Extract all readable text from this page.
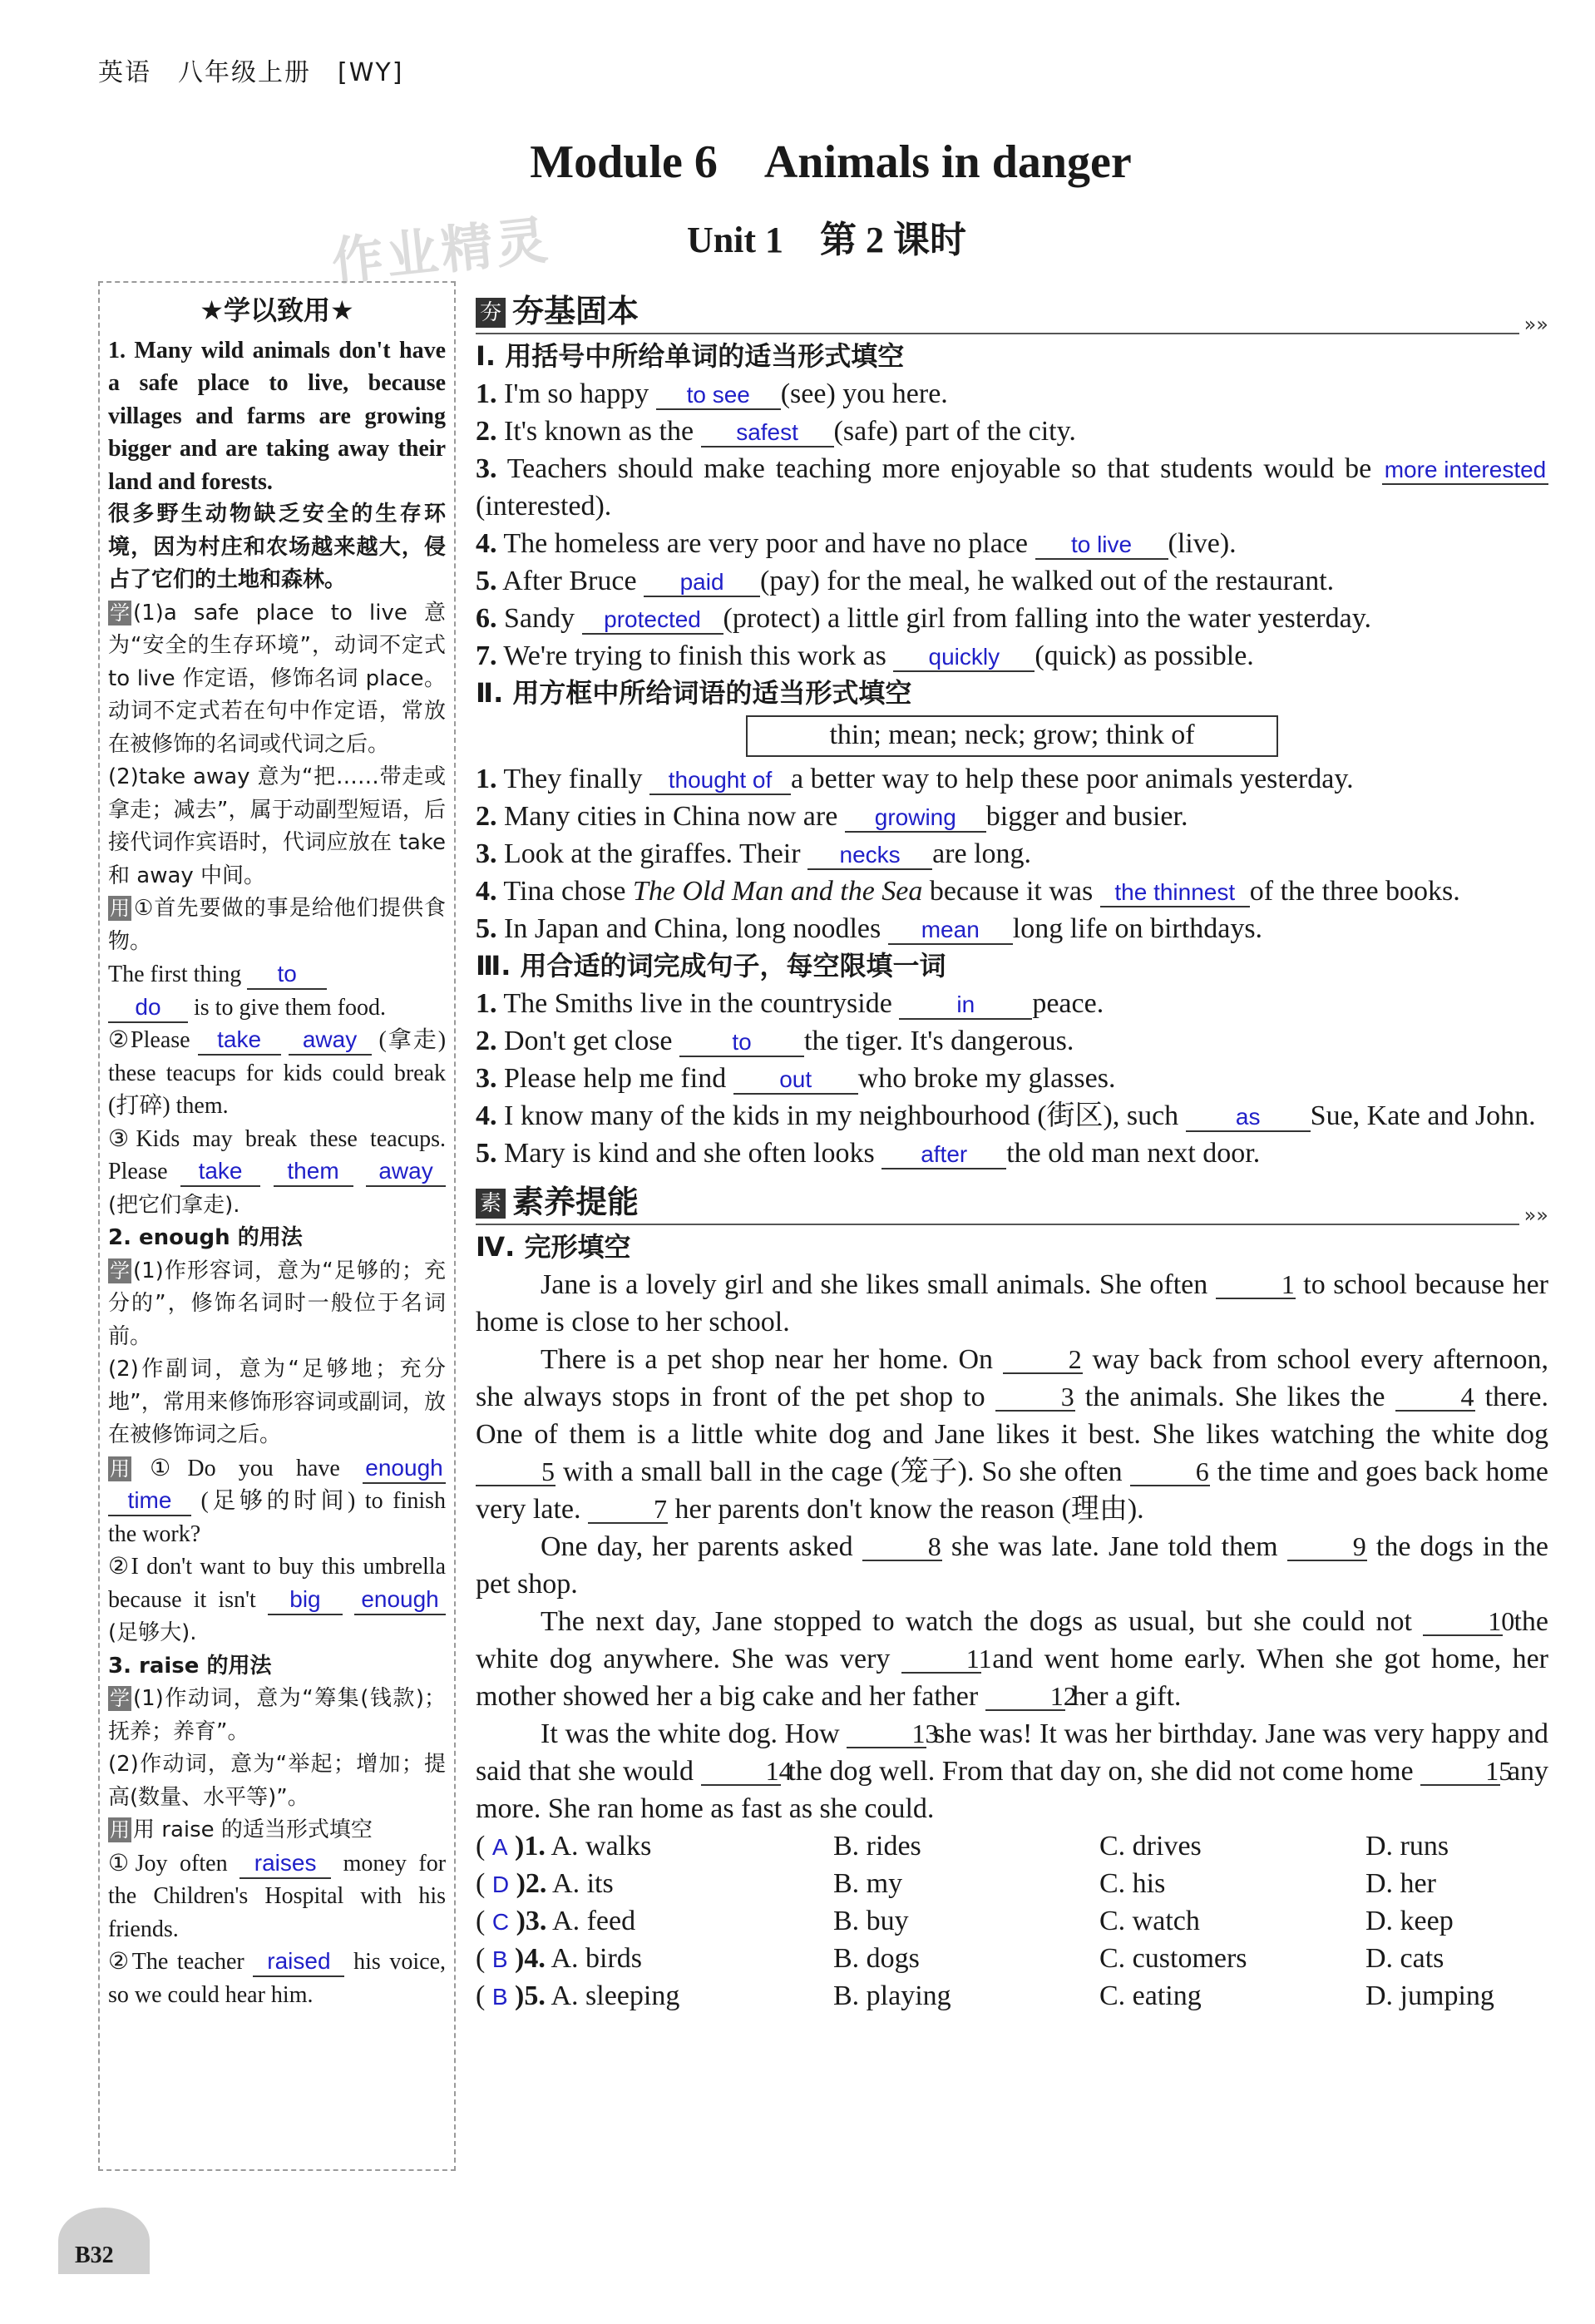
英语　八年级上册　[WY]
Module 6　Animals in danger
作业精灵	Unit 1　第 2 课时
★学以致用★
1. Many wild animals don't have a safe place to live, because villages and farms are growing bigger and are taking away their land and forests.
很多野生动物缺乏安全的生存环境，因为村庄和农场越来越大，侵占了它们的土地和森林。
学 (1)a safe place to live 意为“安全的生存环境”，动词不定式 to live 作定语，修饰名词 place。动词不定式若在句中作定语，常放在被修饰的名词或代词之后。
(2)take away 意为“把……带走或拿走；减去”，属于动副型短语，后接代词作宾语时，代词应放在 take 和 away 中间。
用 ①首先要做的事是给他们提供食物。
The first thing to
do is to give them food.
②Please take away (拿走) these teacups for kids could break (打碎) them.
③Kids may break these teacups. Please take them away (把它们拿走).
2. enough 的用法
学 (1)作形容词，意为“足够的；充分的”，修饰名词时一般位于名词前。
(2)作副词，意为“足够地；充分地”，常用来修饰形容词或副词，放在被修饰词之后。
用 ①Do you have enough time (足够的时间) to finish the work?
②I don't want to buy this umbrella because it isn't big enough (足够大).
3. raise 的用法
学 (1)作动词，意为“筹集(钱款)；抚养；养育”。
(2)作动词，意为“举起；增加；提高(数量、水平等)”。
用 用 raise 的适当形式填空
①Joy often raises money for the Children's Hospital with his friends.
②The teacher raised his voice, so we could hear him.
夯 夯基固本	»»
Ⅰ. 用括号中所给单词的适当形式填空
1. I'm so happy to see (see) you here.
2. It's known as the safest (safe) part of the city.
3. Teachers should make teaching more enjoyable so that students would be more interested(interested).
4. The homeless are very poor and have no place to live (live).
5. After Bruce paid (pay) for the meal, he walked out of the restaurant.
6. Sandy protected (protect) a little girl from falling into the water yesterday.
7. We're trying to finish this work as quickly (quick) as possible.
Ⅱ. 用方框中所给词语的适当形式填空
thin; mean; neck; grow; think of
1. They finally thought of a better way to help these poor animals yesterday.
2. Many cities in China now are growing bigger and busier.
3. Look at the giraffes. Their necks are long.
4. Tina chose The Old Man and the Sea because it was the thinnest of the three books.
5. In Japan and China, long noodles mean long life on birthdays.
Ⅲ. 用合适的词完成句子，每空限填一词
1. The Smiths live in the countryside	in peace.
2. Don't get close	to the tiger. It's dangerous.
3. Please help me find out who broke my glasses.
4. I know many of the kids in my neighbourhood (街区), such as Sue, Kate and John.
5. Mary is kind and she often looks after the old man next door.
素 素养提能	»»
Ⅳ. 完形填空
Jane is a lovely girl and she likes small animals. She often	1 to school because her home is close to her school.
There is a pet shop near her home. On	2 way back from school every afternoon, she always stops in front of the pet shop to	3 the animals. She likes the	4 there. One of them is a little white dog and Jane likes it best. She likes watching the white dog 5 with a small ball in the cage (笼子). So she often	6 the time and goes back home very late.	7 her parents don't know the reason (理由).
One day, her parents asked	8 she was late. Jane told them	9 the dogs in the pet shop.
The next day, Jane stopped to watch the dogs as usual, but she could not	10 the white dog anywhere. She was very	11 and went home early. When she got home, her mother showed her a big cake and her father	12 her a gift.
It was the white dog. How	13 she was! It was her birthday. Jane was very happy and said that she would	14 the dog well. From that day on, she did not come home	15 any more. She ran home as fast as she could.
( A )1. A. walks	B. rides	C. drives	D. runs
( D )2. A. its	B. my	C. his	D. her
( C )3. A. feed	B. buy	C. watch	D. keep
( B )4. A. birds	B. dogs	C. customers	D. cats
( B )5. A. sleeping	B. playing	C. eating	D. jumping
B32
